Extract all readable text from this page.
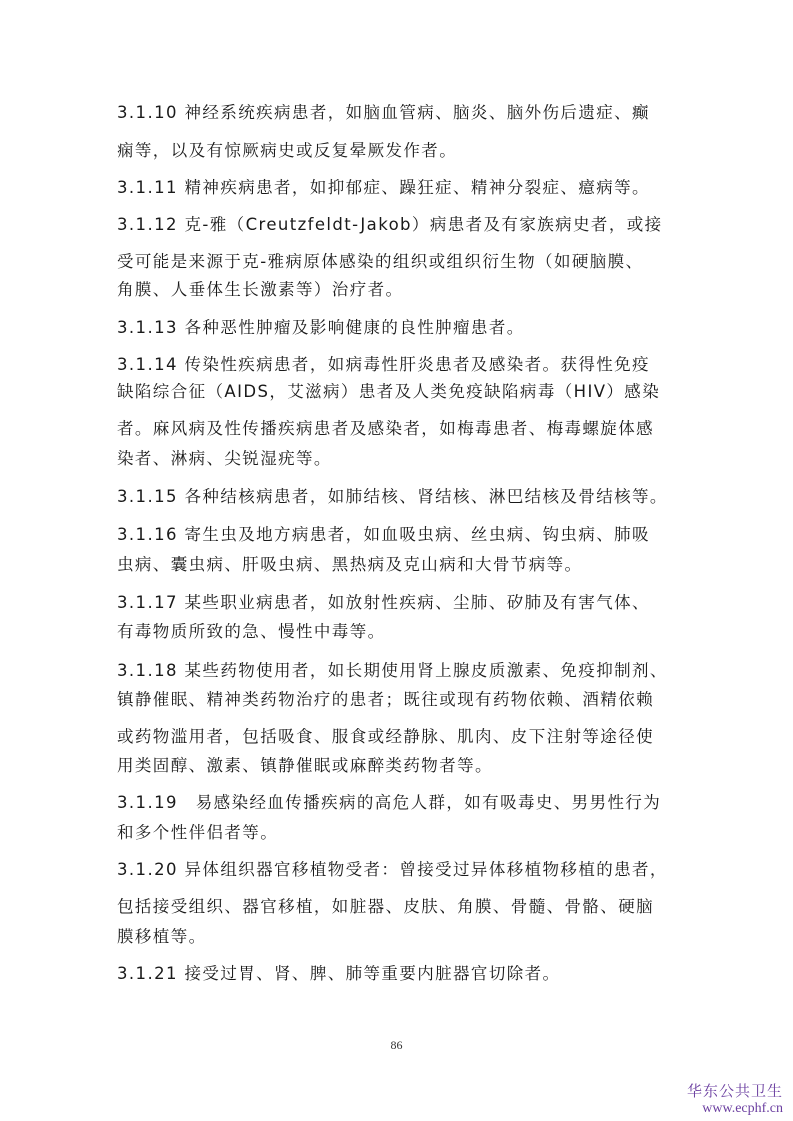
3.1.10 神经系统疾病患者，如脑血管病、脑炎、脑外伤后遗症、癫
痫等，以及有惊厥病史或反复晕厥发作者。
3.1.11 精神疾病患者，如抑郁症、躁狂症、精神分裂症、癔病等。
3.1.12 克-雅（Creutzfeldt-Jakob）病患者及有家族病史者，或接
受可能是来源于克-雅病原体感染的组织或组织衍生物（如硬脑膜、
角膜、人垂体生长激素等）治疗者。
3.1.13 各种恶性肿瘤及影响健康的良性肿瘤患者。
3.1.14 传染性疾病患者，如病毒性肝炎患者及感染者。获得性免疫
缺陷综合征（AIDS，艾滋病）患者及人类免疫缺陷病毒（HIV）感染
者。麻风病及性传播疾病患者及感染者，如梅毒患者、梅毒螺旋体感
染者、淋病、尖锐湿疣等。
3.1.15 各种结核病患者，如肺结核、肾结核、淋巴结核及骨结核等。
3.1.16 寄生虫及地方病患者，如血吸虫病、丝虫病、钩虫病、肺吸
虫病、囊虫病、肝吸虫病、黑热病及克山病和大骨节病等。
3.1.17 某些职业病患者，如放射性疾病、尘肺、矽肺及有害气体、
有毒物质所致的急、慢性中毒等。
3.1.18 某些药物使用者，如长期使用肾上腺皮质激素、免疫抑制剂、
镇静催眠、精神类药物治疗的患者；既往或现有药物依赖、酒精依赖
或药物滥用者，包括吸食、服食或经静脉、肌肉、皮下注射等途径使
用类固醇、激素、镇静催眠或麻醉类药物者等。
3.1.19　易感染经血传播疾病的高危人群，如有吸毒史、男男性行为
和多个性伴侣者等。
3.1.20 异体组织器官移植物受者：曾接受过异体移植物移植的患者，
包括接受组织、器官移植，如脏器、皮肤、角膜、骨髓、骨骼、硬脑
膜移植等。
3.1.21 接受过胃、肾、脾、肺等重要内脏器官切除者。
86
华东公共卫生
www.ecphf.cn
